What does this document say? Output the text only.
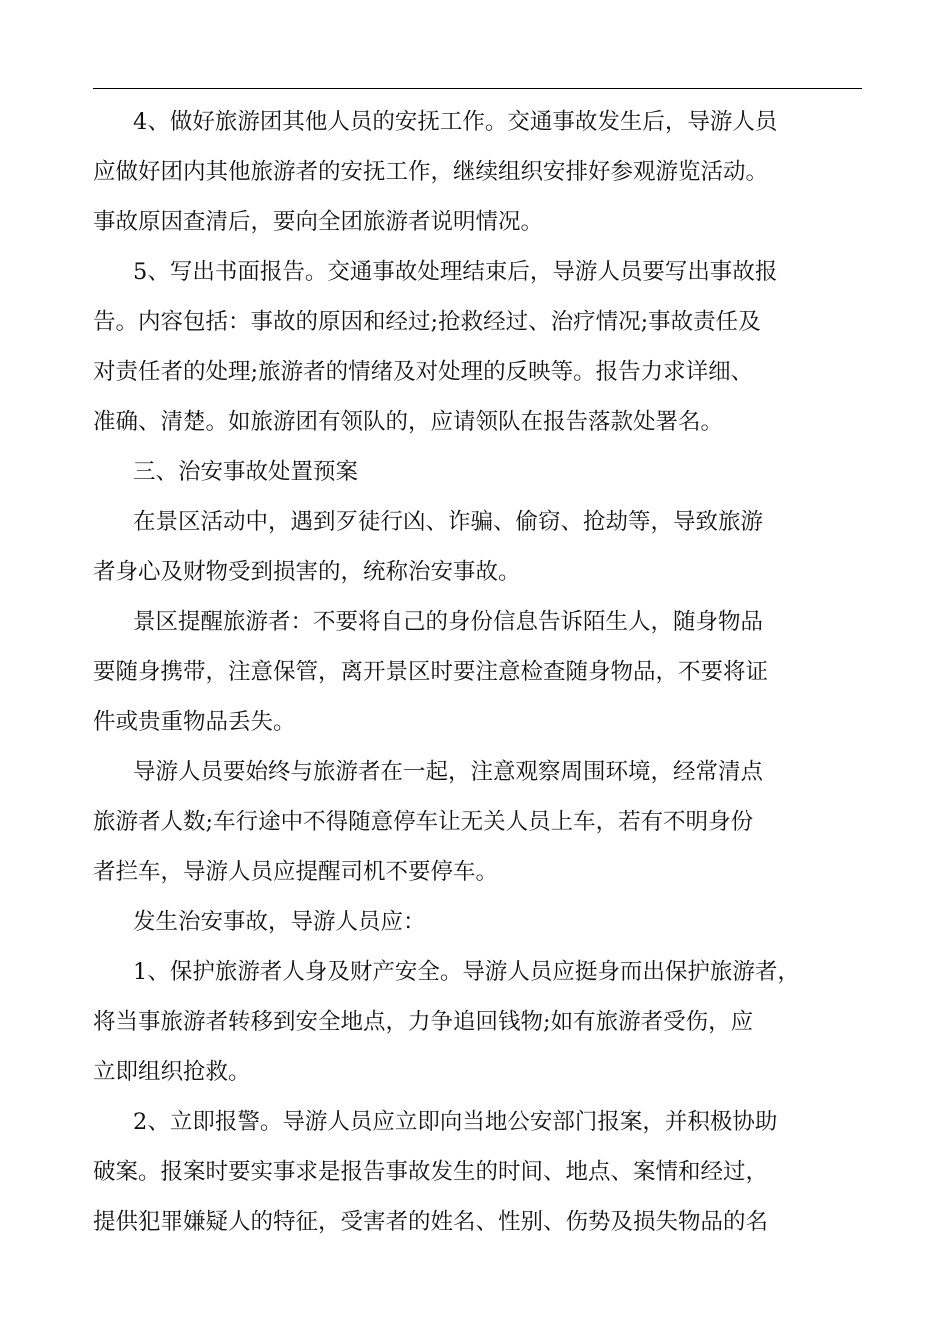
4、做好旅游团其他人员的安抚工作。交通事故发生后，导游人员
应做好团内其他旅游者的安抚工作，继续组织安排好参观游览活动。
事故原因查清后，要向全团旅游者说明情况。
5、写出书面报告。交通事故处理结束后，导游人员要写出事故报
告。内容包括：事故的原因和经过;抢救经过、治疗情况;事故责任及
对责任者的处理;旅游者的情绪及对处理的反映等。报告力求详细、
准确、清楚。如旅游团有领队的，应请领队在报告落款处署名。
三、治安事故处置预案
在景区活动中，遇到歹徒行凶、诈骗、偷窃、抢劫等，导致旅游
者身心及财物受到损害的，统称治安事故。
景区提醒旅游者：不要将自己的身份信息告诉陌生人，随身物品
要随身携带，注意保管，离开景区时要注意检查随身物品，不要将证
件或贵重物品丢失。
导游人员要始终与旅游者在一起，注意观察周围环境，经常清点
旅游者人数;车行途中不得随意停车让无关人员上车，若有不明身份
者拦车，导游人员应提醒司机不要停车。
发生治安事故，导游人员应：
1、保护旅游者人身及财产安全。导游人员应挺身而出保护旅游者，
将当事旅游者转移到安全地点，力争追回钱物;如有旅游者受伤，应
立即组织抢救。
2、立即报警。导游人员应立即向当地公安部门报案，并积极协助
破案。报案时要实事求是报告事故发生的时间、地点、案情和经过，
提供犯罪嫌疑人的特征，受害者的姓名、性别、伤势及损失物品的名
